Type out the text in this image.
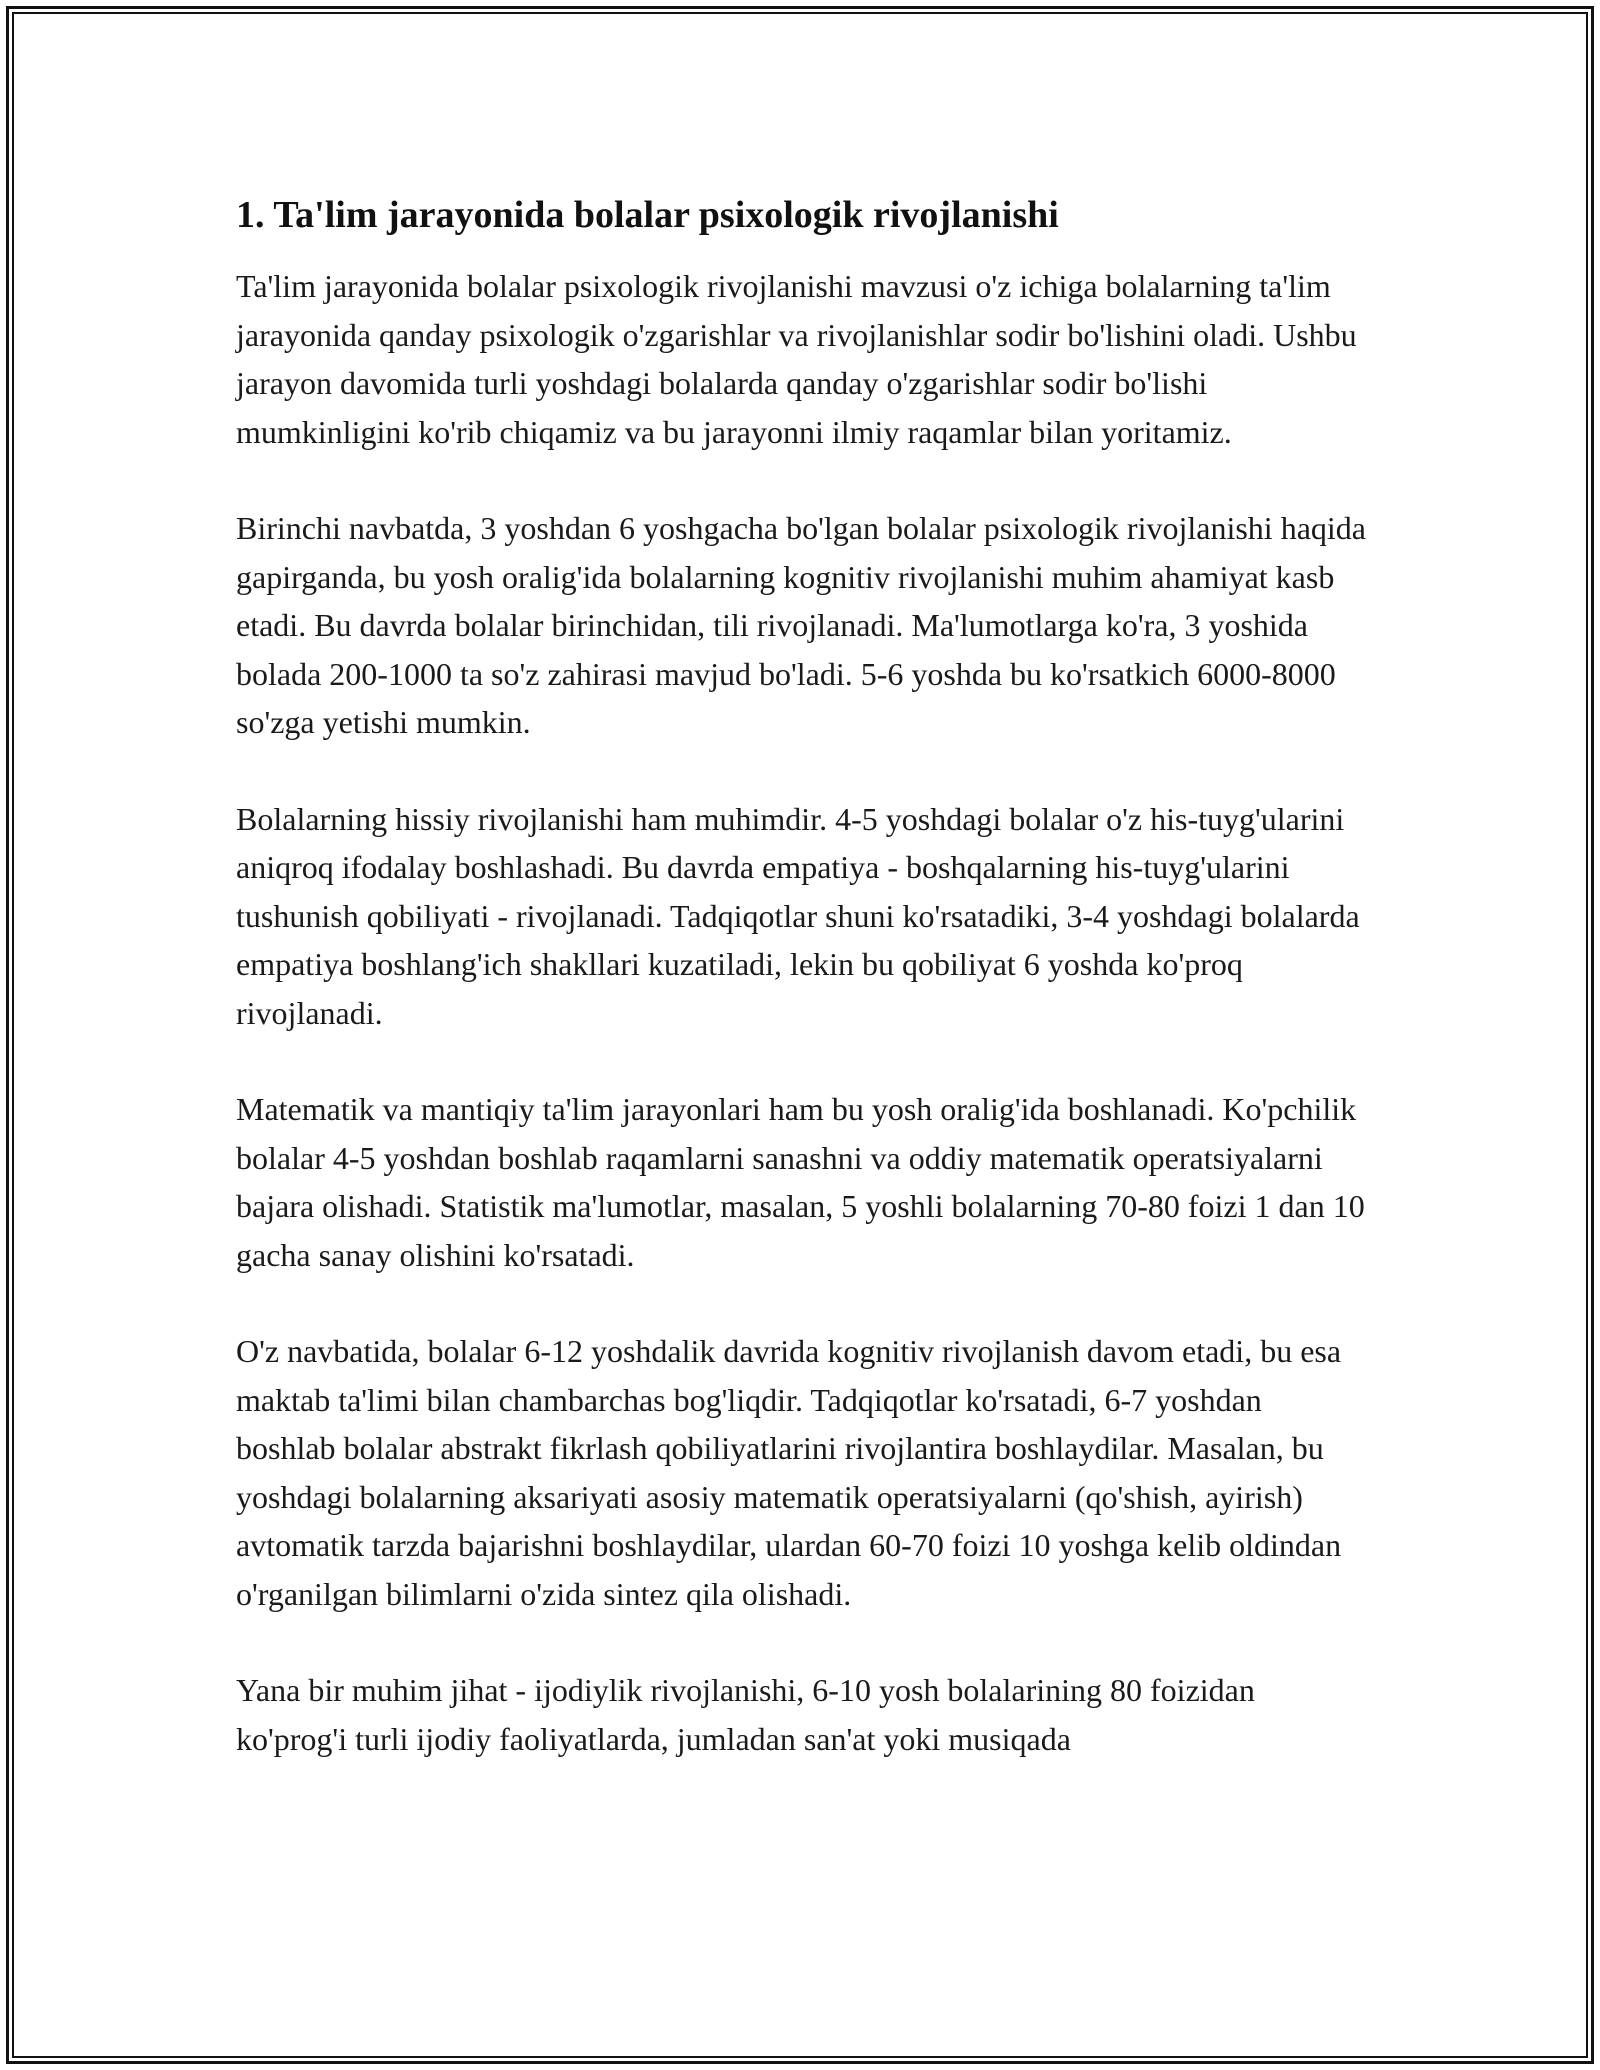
1. Ta'lim jarayonida bolalar psixologik rivojlanishi

Ta'lim jarayonida bolalar psixologik rivojlanishi mavzusi o'z ichiga bolalarning ta'lim jarayonida qanday psixologik o'zgarishlar va rivojlanishlar sodir bo'lishini oladi. Ushbu jarayon davomida turli yoshdagi bolalarda qanday o'zgarishlar sodir bo'lishi mumkinligini ko'rib chiqamiz va bu jarayonni ilmiy raqamlar bilan yoritamiz.

Birinchi navbatda, 3 yoshdan 6 yoshgacha bo'lgan bolalar psixologik rivojlanishi haqida gapirganda, bu yosh oralig'ida bolalarning kognitiv rivojlanishi muhim ahamiyat kasb etadi. Bu davrda bolalar birinchidan, tili rivojlanadi. Ma'lumotlarga ko'ra, 3 yoshida bolada 200-1000 ta so'z zahirasi mavjud bo'ladi. 5-6 yoshda bu ko'rsatkich 6000-8000 so'zga yetishi mumkin.

Bolalarning hissiy rivojlanishi ham muhimdir. 4-5 yoshdagi bolalar o'z his-tuyg'ularini aniqroq ifodalay boshlashadi. Bu davrda empatiya - boshqalarning his-tuyg'ularini tushunish qobiliyati - rivojlanadi. Tadqiqotlar shuni ko'rsatadiki, 3-4 yoshdagi bolalarda empatiya boshlang'ich shakllari kuzatiladi, lekin bu qobiliyat 6 yoshda ko'proq rivojlanadi.

Matematik va mantiqiy ta'lim jarayonlari ham bu yosh oralig'ida boshlanadi. Ko'pchilik bolalar 4-5 yoshdan boshlab raqamlarni sanashni va oddiy matematik operatsiyalarni bajara olishadi. Statistik ma'lumotlar, masalan, 5 yoshli bolalarning 70-80 foizi 1 dan 10 gacha sanay olishini ko'rsatadi.

O'z navbatida, bolalar 6-12 yoshdalik davrida kognitiv rivojlanish davom etadi, bu esa maktab ta'limi bilan chambarchas bog'liqdir. Tadqiqotlar ko'rsatadi, 6-7 yoshdan boshlab bolalar abstrakt fikrlash qobiliyatlarini rivojlantira boshlaydilar. Masalan, bu yoshdagi bolalarning aksariyati asosiy matematik operatsiyalarni (qo'shish, ayirish) avtomatik tarzda bajarishni boshlaydilar, ulardan 60-70 foizi 10 yoshga kelib oldindan o'rganilgan bilimlarni o'zida sintez qila olishadi.

Yana bir muhim jihat - ijodiylik rivojlanishi, 6-10 yosh bolalarining 80 foizidan ko'prog'i turli ijodiy faoliyatlarda, jumladan san'at yoki musiqada
